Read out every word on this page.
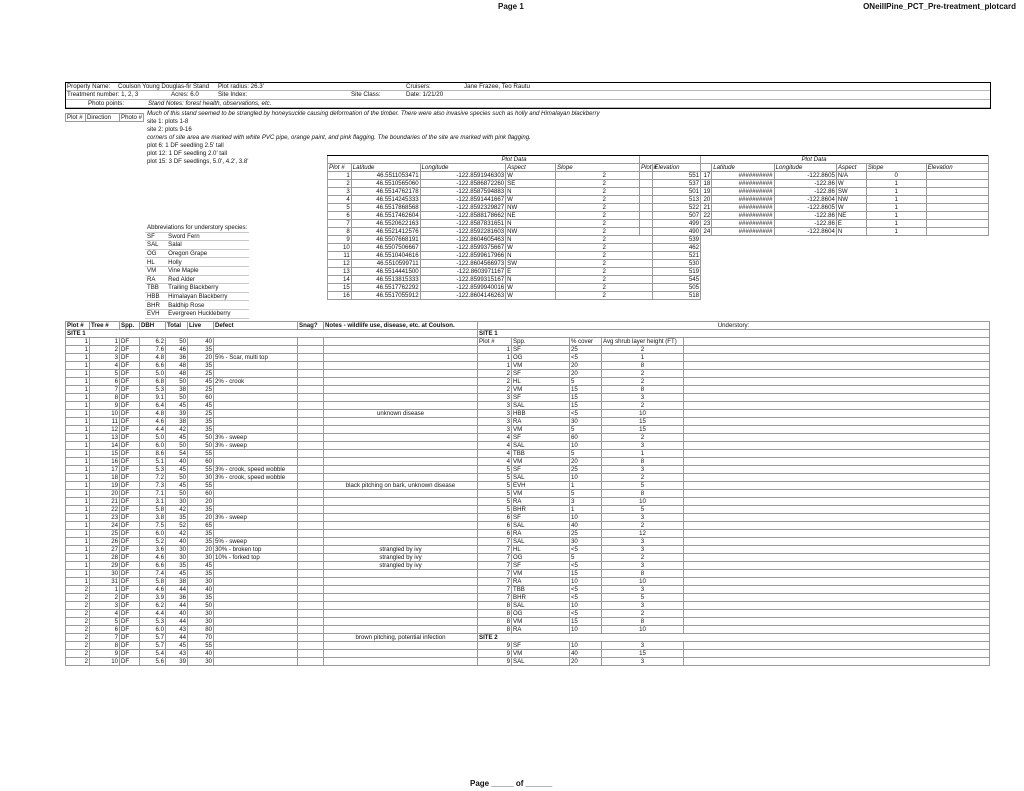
Page 1	ONeillPine_PCT_Pre-treatment_plotcard
Property Name: Coulson Young Douglas-fir Stand Plot radius: 26.3'	Cruisers:	Jane Frazee, Teo Rautu
Treatment number: 1, 2, 3	Acres: 6.0	Site Index:	Site Class:	Date: 1/21/20
Photo points:	Stand Notes: forest health, observations, etc.
Plot #	Direction	Photo #
Much of this stand seemed to be strangled by honeysuckle causing deformation of the timber. There were also invasive species such as holly and Himalayan blackberry
site 1: plots 1-8
site 2: plots 9-16
corners of site area are marked with white PVC pipe, orange paint, and pink flagging. The boundaries of the site are marked with pink flagging.
plot 6: 1 DF seedling 2.5' tall
plot 12: 1 DF seedling 2.0' tall
plot 15: 3 DF seedlings, 5.0', 4.2', 3.8'
Abbreviations for understory species:	
SF	Sword Fern
SAL	Salal
OG	Oregon Grape
HL	Holly
VM	Vine Maple
RA	Red Alder
TBB	Trailing Blackberry
HBB	Himalayan Blackberry
BHR	Baldhip Rose
EVH	Evergreen Huckleberry
Plot Data					
Plot #	Latitude	Longitude	Aspect	Slope	Elevation
1	46.5511053471	-122.8591946303	W	2	551
2	46.5510565060	-122.8586872260	SE	2	537
3	46.5514762178	-122.8587594883	N	2	501
4	46.5514245333	-122.8591441667	W	2	513
5	46.5517868568	-122.8592329827	NW	2	522
6	46.5517462604	-122.8588178662	NE	2	507
7	46.5520622163	-122.8587831651	N	2	499
8	46.5521412576	-122.8592281603	NW	2	490
9	46.5507668191	-122.8604605463	N	2	539
10	46.5507506667	-122.8599375667	W	2	462
11	46.5510404616	-122.8599617966	N	2	521
12	46.5510599711	-122.8604566973	SW	2	530
13	46.5514441500	-122.8603971167	E	2	519
14	46.5513815333	-122.8599315167	N	2	545
15	46.5517762292	-122.8599940016	W	2	505
16	46.5517055912	-122.8604146263	W	2	518
Plot Data					
Plot #	Latitude	Longitude	Aspect	Slope	Elevation
17	##########	-122.8605	N/A	0	
18	##########	-122.86	W	1	
19	##########	-122.86	SW	1	
20	##########	-122.8604	NW	1	
21	##########	-122.8605	W	1	
22	##########	-122.86	NE	1	
23	##########	-122.86	E	1	
24	##########	-122.8604	N	1	
Plot #	Tree #	Spp.	DBH	Total	Live	Defect	Snag?	Notes - wildlife use, disease, etc. at Coulson.
SITE 1								
1	1	DF	6.2	50	40			
1	2	DF	7.6	46	35			
1	3	DF	4.8	36	20	5% - Scar, multi top		
1	4	DF	6.6	48	35			
1	5	DF	5.0	48	25			
1	6	DF	6.8	50	45	2% - crook		
1	7	DF	5.3	38	25			
1	8	DF	9.1	50	60			
1	9	DF	6.4	45	45			
1	10	DF	4.8	39	25			unknown disease
1	11	DF	4.6	38	35			
1	12	DF	4.4	42	35			
1	13	DF	5.0	45	50	3% - sweep		
1	14	DF	6.0	50	50	3% - sweep		
1	15	DF	8.6	54	55			
1	16	DF	5.1	40	60			
1	17	DF	5.3	45	55	3% - crook, speed wobble		
1	18	DF	7.2	50	30	3% - crook, speed wobble		
1	19	DF	7.3	45	55			black pitching on bark, unknown disease
1	20	DF	7.1	50	60			
1	21	DF	3.1	30	20			
1	22	DF	5.8	42	35			
1	23	DF	3.8	35	20	3% - sweep		
1	24	DF	7.5	52	65			
1	25	DF	6.0	42	35			
1	26	DF	5.2	40	35	5% - sweep		
1	27	DF	3.6	30	20	30% - broken top		strangled by ivy
1	28	DF	4.6	30	30	10% - forked top		strangled by ivy
1	29	DF	6.6	35	45			strangled by ivy
1	30	DF	7.4	45	35			
1	31	DF	5.8	38	30			
2	1	DF	4.6	44	40			
2	2	DF	3.9	36	35			
2	3	DF	6.2	44	50			
2	4	DF	4.4	40	30			
2	5	DF	5.3	44	30			
2	6	DF	6.0	43	80			
2	7	DF	5.7	44	70			brown pitching, potential infection
2	8	DF	5.7	45	55			
2	9	DF	5.4	43	40			
2	10	DF	5.6	39	30			
Understory:				
SITE 1				
Plot #	Spp.	% cover	Avg shrub layer height (FT)	
1	SF	25	2	
1	OG	<5	1	
1	VM	20	8	
2	SF	20	2	
2	HL	5	2	
2	VM	15	8	
3	SF	15	3	
3	SAL	15	2	
3	HBB	<5	10	
3	RA	30	15	
3	VM	5	15	
4	SF	60	2	
4	SAL	10	3	
4	TBB	5	1	
4	VM	20	8	
5	SF	25	3	
5	SAL	10	2	
5	EVH	1	5	
5	VM	5	8	
5	RA	3	10	
5	BHR	1	5	
6	SF	10	3	
6	SAL	40	2	
6	RA	25	12	
7	SAL	30	3	
7	HL	<5	3	
7	OG	5	2	
7	SF	<5	3	
7	VM	15	8	
7	RA	10	10	
7	TBB	<5	3	
7	BHR	<5	5	
8	SAL	10	3	
8	OG	<5	2	
8	VM	15	8	
8	RA	10	10	
SITE 2				
9	SF	10	3	
9	VM	40	15	
9	SAL	20	3	
Page _____ of ______
